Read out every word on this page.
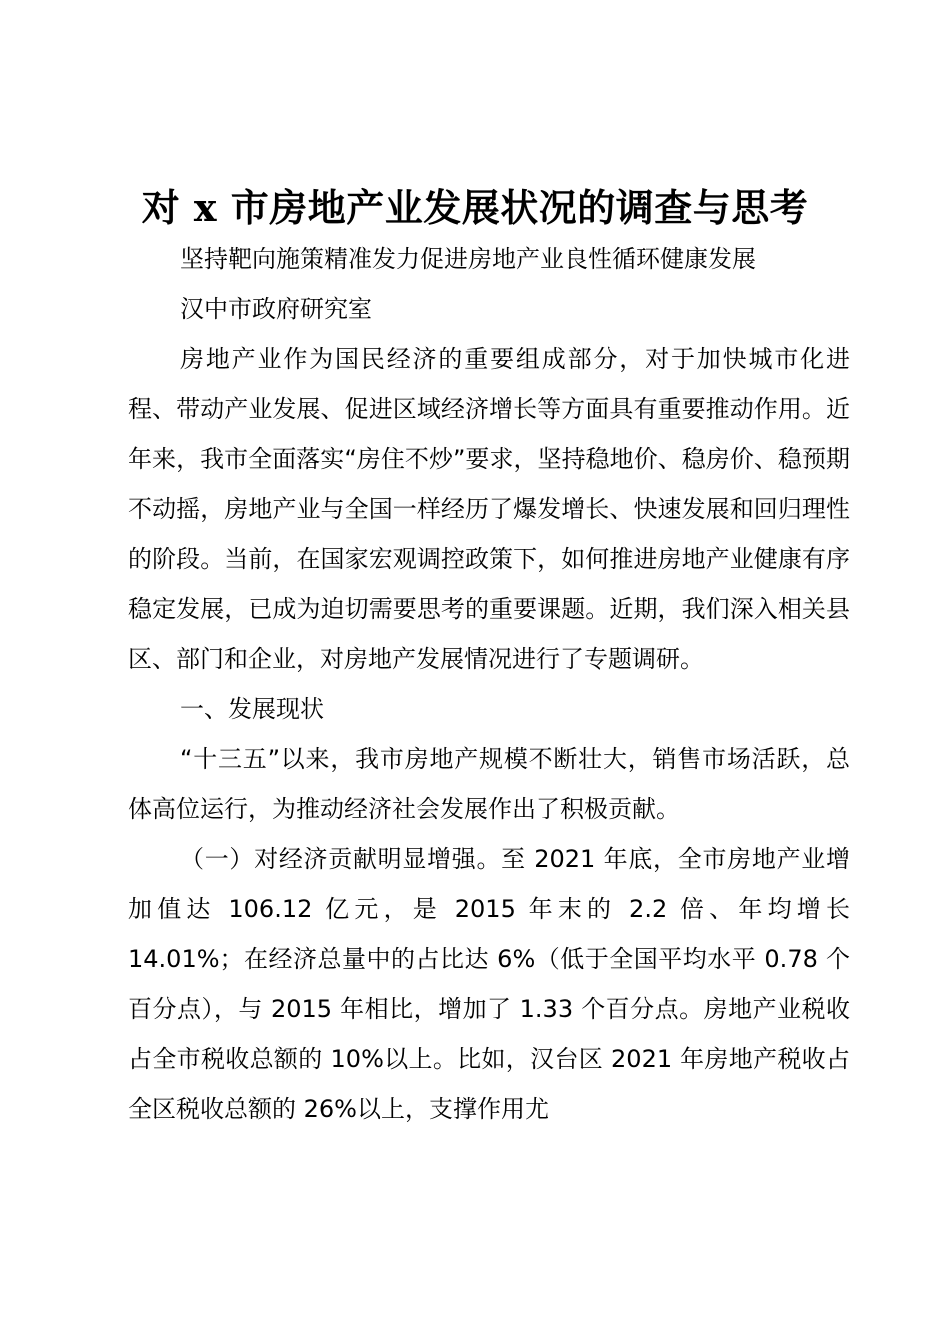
对 x 市房地产业发展状况的调查与思考

坚持靶向施策精准发力促进房地产业良性循环健康发展

汉中市政府研究室

房地产业作为国民经济的重要组成部分，对于加快城市化进程、带动产业发展、促进区域经济增长等方面具有重要推动作用。近年来，我市全面落实“房住不炒”要求，坚持稳地价、稳房价、稳预期不动摇，房地产业与全国一样经历了爆发增长、快速发展和回归理性的阶段。当前，在国家宏观调控政策下，如何推进房地产业健康有序稳定发展，已成为迫切需要思考的重要课题。近期，我们深入相关县区、部门和企业，对房地产发展情况进行了专题调研。

一、发展现状

“十三五”以来，我市房地产规模不断壮大，销售市场活跃，总体高位运行，为推动经济社会发展作出了积极贡献。

（一）对经济贡献明显增强。至 2021 年底，全市房地产业增加值达 106.12 亿元，是 2015 年末的 2.2 倍、年均增长 14.01%；在经济总量中的占比达 6%（低于全国平均水平 0.78 个百分点），与 2015 年相比，增加了 1.33 个百分点。房地产业税收占全市税收总额的 10%以上。比如，汉台区 2021 年房地产税收占全区税收总额的 26%以上，支撑作用尤
